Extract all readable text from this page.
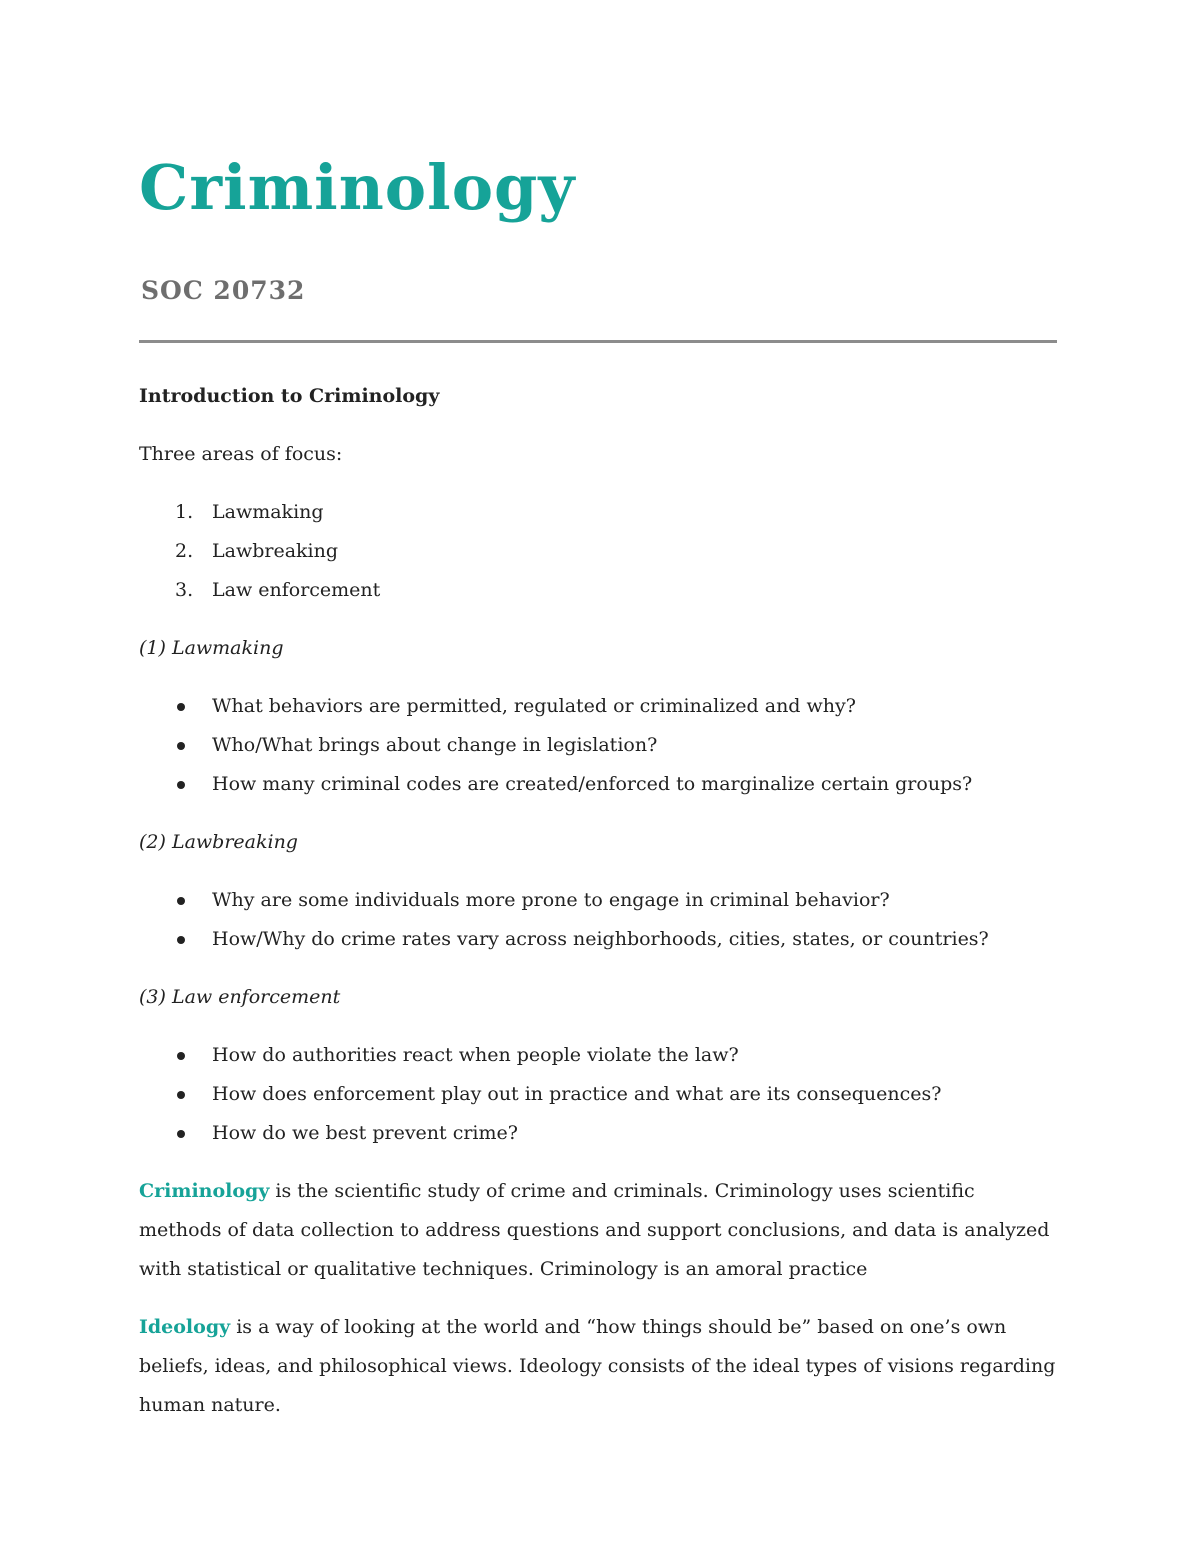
Criminology
SOC 20732

Introduction to Criminology

Three areas of focus:

1. Lawmaking
2. Lawbreaking
3. Law enforcement

(1) Lawmaking

What behaviors are permitted, regulated or criminalized and why?
Who/What brings about change in legislation?
How many criminal codes are created/enforced to marginalize certain groups?

(2) Lawbreaking

Why are some individuals more prone to engage in criminal behavior?
How/Why do crime rates vary across neighborhoods, cities, states, or countries?

(3) Law enforcement

How do authorities react when people violate the law?
How does enforcement play out in practice and what are its consequences?
How do we best prevent crime?

Criminology is the scientific study of crime and criminals. Criminology uses scientific methods of data collection to address questions and support conclusions, and data is analyzed with statistical or qualitative techniques. Criminology is an amoral practice

Ideology is a way of looking at the world and “how things should be” based on one’s own beliefs, ideas, and philosophical views. Ideology consists of the ideal types of visions regarding human nature.
